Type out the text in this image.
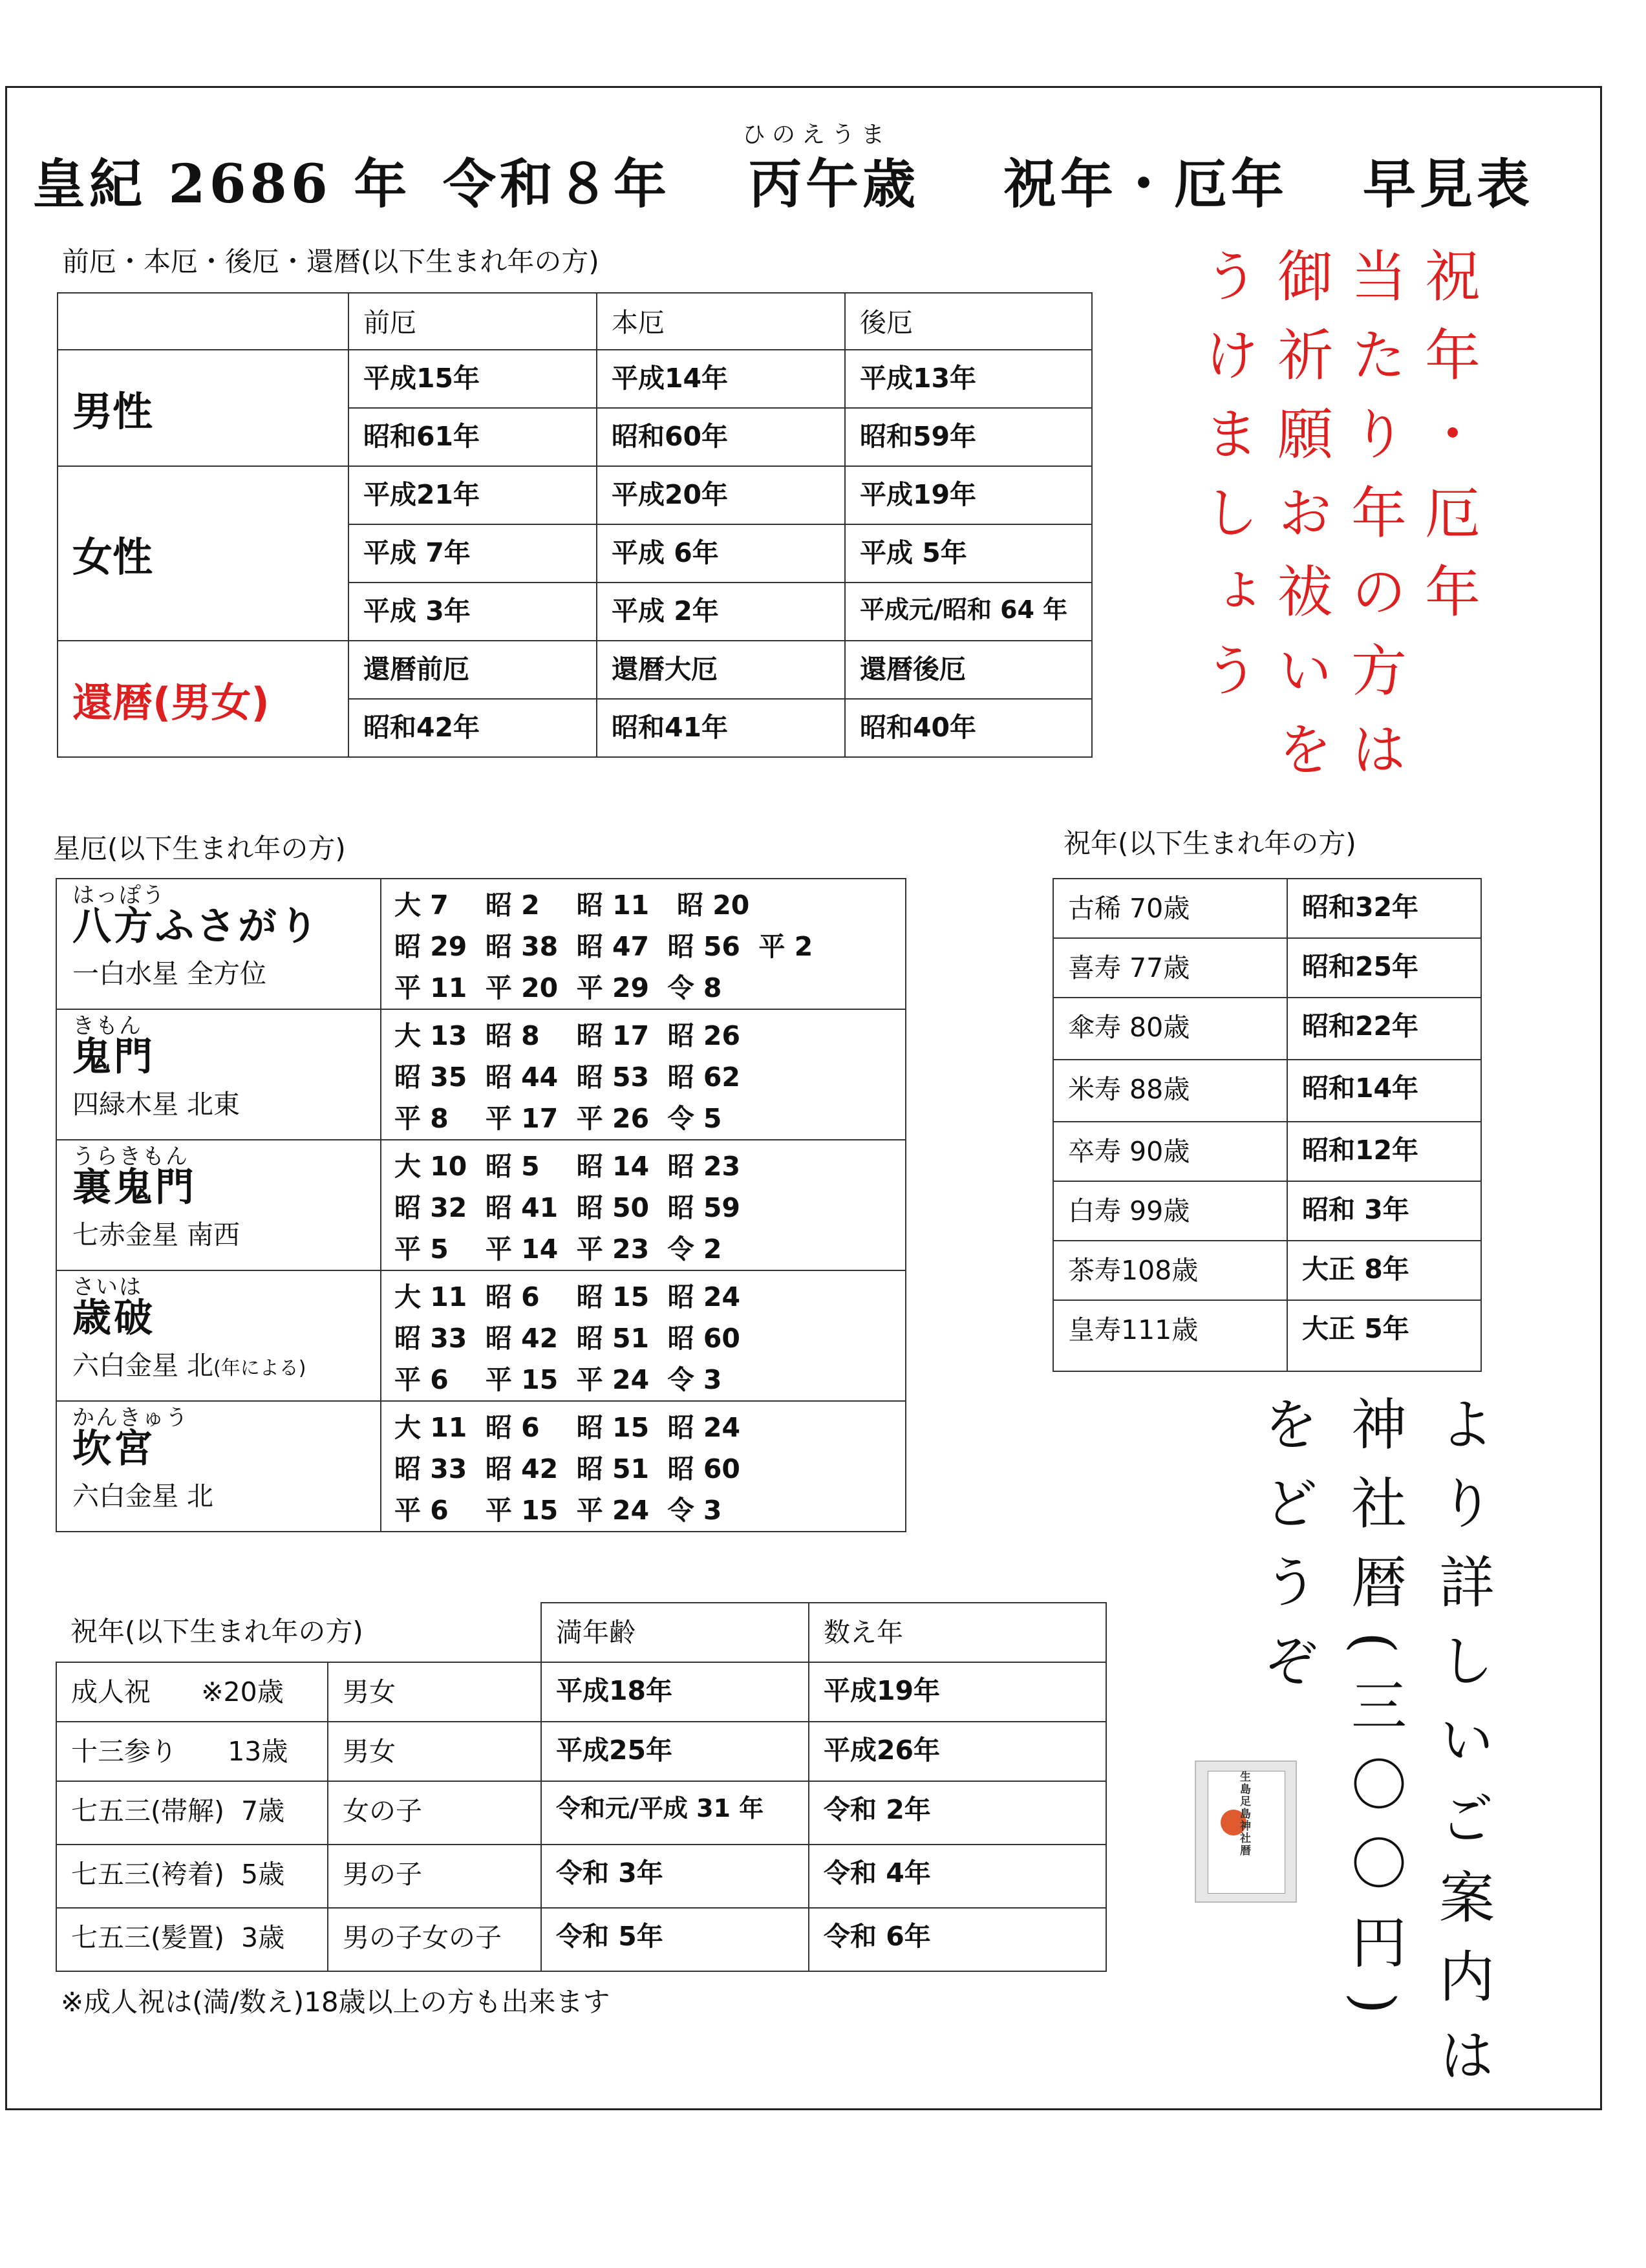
ひのえうま
皇紀 2686 年 令和８年 丙午歳 祝年・厄年 早見表
前厄・本厄・後厄・還暦(以下生まれ年の方)
	前厄	本厄	後厄
男性	平成15年	平成14年	平成13年
	昭和61年	昭和60年	昭和59年
女性	平成21年	平成20年	平成19年
	平成 7年	平成 6年	平成 5年
	平成 3年	平成 2年	平成元/昭和 64 年
還暦(男女)	還暦前厄	還暦大厄	還暦後厄
	昭和42年	昭和41年	昭和40年
祝年・厄年
当たり年の方は
御祈願お祓いを
うけましょう
星厄(以下生まれ年の方)
はっぽう
八方ふさがり
一白水星 全方位	大 7    昭 2    昭 11   昭 20
昭 29  昭 38  昭 47  昭 56  平 2
平 11  平 20  平 29  令 8

きもん
鬼門
四緑木星 北東	大 13  昭 8    昭 17  昭 26
昭 35  昭 44  昭 53  昭 62
平 8    平 17  平 26  令 5

うらきもん
裏鬼門
七赤金星 南西	大 10  昭 5    昭 14  昭 23
昭 32  昭 41  昭 50  昭 59
平 5    平 14  平 23  令 2

さいは
歳破
六白金星 北(年による)	大 11  昭 6    昭 15  昭 24
昭 33  昭 42  昭 51  昭 60
平 6    平 15  平 24  令 3

かんきゅう
坎宮
六白金星 北	大 11  昭 6    昭 15  昭 24
昭 33  昭 42  昭 51  昭 60
平 6    平 15  平 24  令 3
祝年(以下生まれ年の方)
古稀 70歳	昭和32年
喜寿 77歳	昭和25年
傘寿 80歳	昭和22年
米寿 88歳	昭和14年
卒寿 90歳	昭和12年
白寿 99歳	昭和 3年
茶寿108歳	大正 8年
皇寿111歳	大正 5年
より詳しいご案内は
神社暦(三〇〇円)
をどうぞ
生島足島神社暦
祝年(以下生まれ年の方)		満年齢	数え年
成人祝      ※20歳	男女	平成18年	平成19年
十三参り      13歳	男女	平成25年	平成26年
七五三(帯解)  7歳	女の子	令和元/平成 31 年	令和 2年
七五三(袴着)  5歳	男の子	令和 3年	令和 4年
七五三(髪置)  3歳	男の子女の子	令和 5年	令和 6年
※成人祝は(満/数え)18歳以上の方も出来ます
